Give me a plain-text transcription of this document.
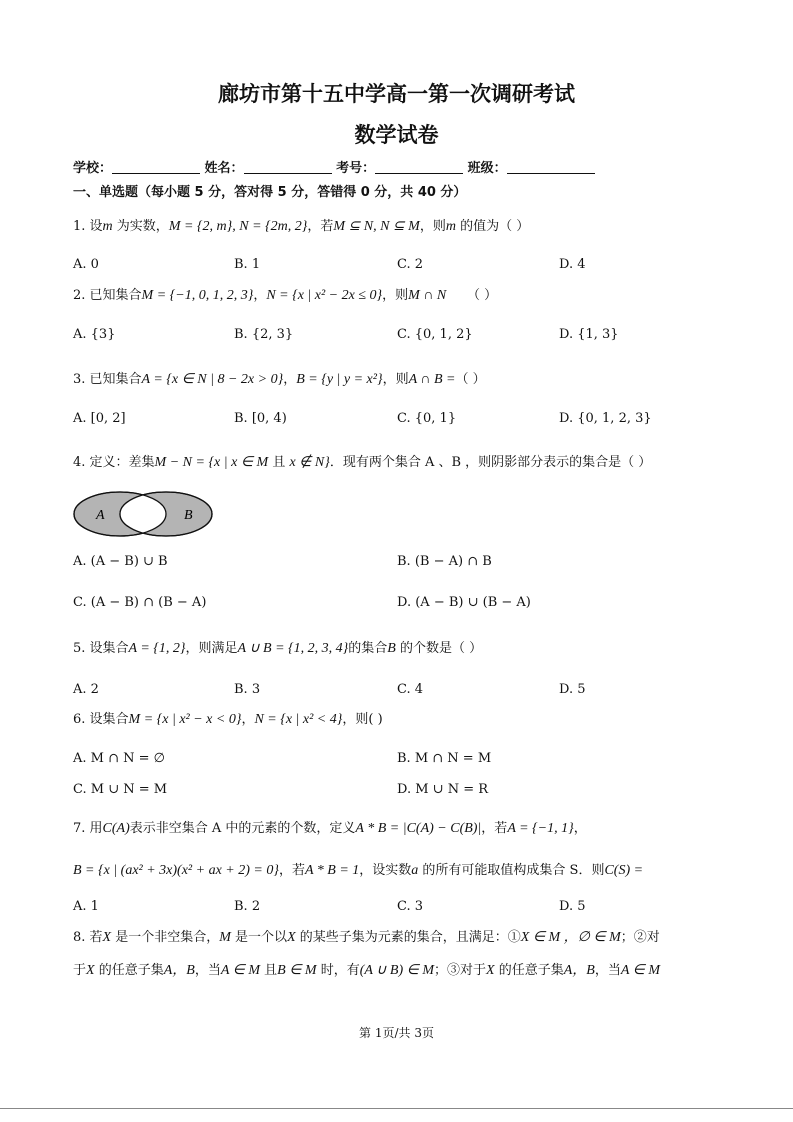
廊坊市第十五中学高一第一次调研考试
数学试卷
学校：	姓名：	考号：	班级：
一、单选题（每小题 5 分，答对得 5 分，答错得 0 分，共 40 分）
1. 设m 为实数，M = {2, m}, N = {2m, 2}，若M ⊆ N, N ⊆ M，则m 的值为（ ）
A. 0	B. 1	C. 2	D. 4
2. 已知集合M = {−1, 0, 1, 2, 3}，N = {x | x² − 2x ≤ 0}，则M ∩ N （ ）
A. {3}	B. {2, 3}	C. {0, 1, 2}	D. {1, 3}
3. 已知集合A = {x ∈ N | 8 − 2x > 0}，B = {y | y = x²}，则A ∩ B =（ ）
A. [0, 2]	B. [0, 4)	C. {0, 1}	D. {0, 1, 2, 3}
4. 定义：差集M − N = {x | x ∈ M 且 x ∉ N}．现有两个集合 A 、B ，则阴影部分表示的集合是（ ）
A	B
A. (A − B) ∪ B	B. (B − A) ∩ B
C. (A − B) ∩ (B − A)	D. (A − B) ∪ (B − A)
5. 设集合A = {1, 2}，则满足A ∪ B = {1, 2, 3, 4}的集合B 的个数是（ ）
A. 2	B. 3	C. 4	D. 5
6. 设集合M = {x | x² − x < 0}，N = {x | x² < 4}，则( )
A. M ∩ N = ∅	B. M ∩ N = M
C. M ∪ N = M	D. M ∪ N = R
7. 用C(A)表示非空集合 A 中的元素的个数，定义A * B = |C(A) − C(B)|，若A = {−1, 1}，
B = {x | (ax² + 3x)(x² + ax + 2) = 0}，若A * B = 1，设实数a 的所有可能取值构成集合 S．则C(S) =
A. 1	B. 2	C. 3	D. 5
8. 若X 是一个非空集合，M 是一个以X 的某些子集为元素的集合，且满足：①X ∈ M ，∅ ∈ M；②对
于X 的任意子集A，B，当A ∈ M 且B ∈ M 时，有(A ∪ B) ∈ M；③对于X 的任意子集A，B，当A ∈ M
第 1页/共 3页
